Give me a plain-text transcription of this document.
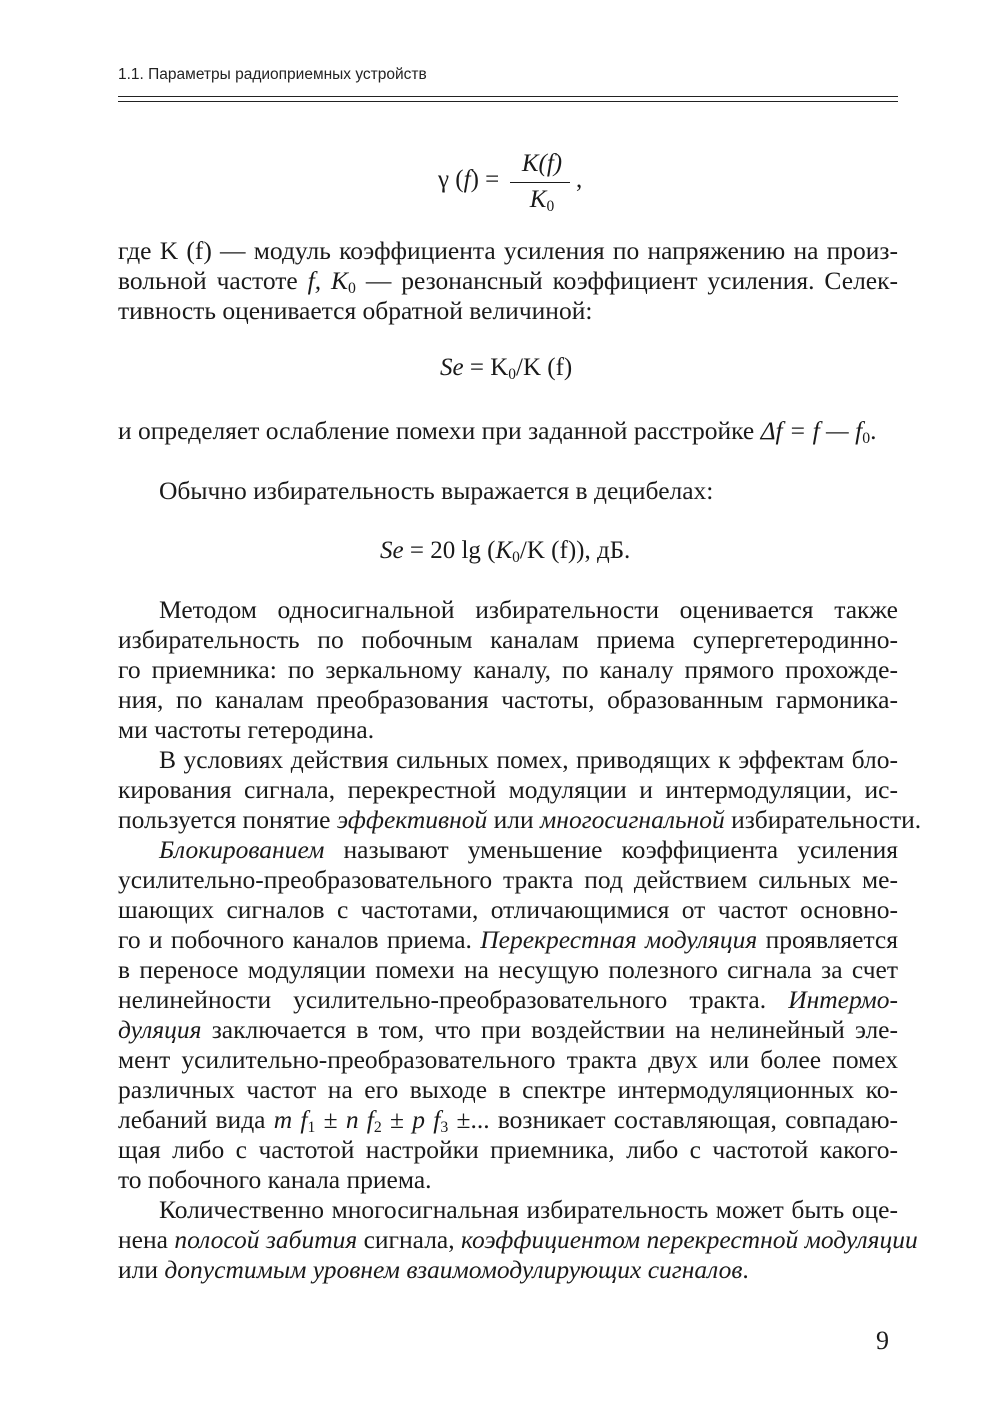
1.1. Параметры радиоприемных устройств
γ (f) =
K(f)
$K_0$
,
где K (f) — модуль коэффициента усиления по напряжению на произ-
вольной частоте f, $K_0$ — резонансный коэффициент усиления. Селек-
тивность оценивается обратной величиной:
$Se = K_0/K$ (f)
и определяет ослабление помехи при заданной расстройке Δf = f — $f_0$.
Обычно избирательность выражается в децибелах:
Se = 20 $\lg (K_0/K$ (f)), дБ.
Методом односигнальной избирательности оценивается также
избирательность по побочным каналам приема супергетеродинно-
го приемника: по зеркальному каналу, по каналу прямого прохожде-
ния, по каналам преобразования частоты, образованным гармоника-
ми частоты гетеродина.
В условиях действия сильных помех, приводящих к эффектам бло-
кирования сигнала, перекрестной модуляции и интермодуляции, ис-
пользуется понятие эффективной или многосигнальной избирательности.
Блокированием называют уменьшение коэффициента усиления
усилительно-преобразовательного тракта под действием сильных ме-
шающих сигналов с частотами, отличающимися от частот основно-
го и побочного каналов приема. Перекрестная модуляция проявляется
в переносе модуляции помехи на несущую полезного сигнала за счет
нелинейности усилительно-преобразовательного тракта. Интермо-
дуляция заключается в том, что при воздействии на нелинейный эле-
мент усилительно-преобразовательного тракта двух или более помех
различных частот на его выходе в спектре интермодуляционных ко-
лебаний вида m $f_1 \pm n$ $f_2 \pm p$ $f_3$ ±... возникает составляющая, совпадаю-
щая либо с частотой настройки приемника, либо с частотой какого-
то побочного канала приема.
Количественно многосигнальная избирательность может быть оце-
нена полосой забития сигнала, коэффициентом перекрестной модуляции
или допустимым уровнем взаимомодулирующих сигналов.
9
